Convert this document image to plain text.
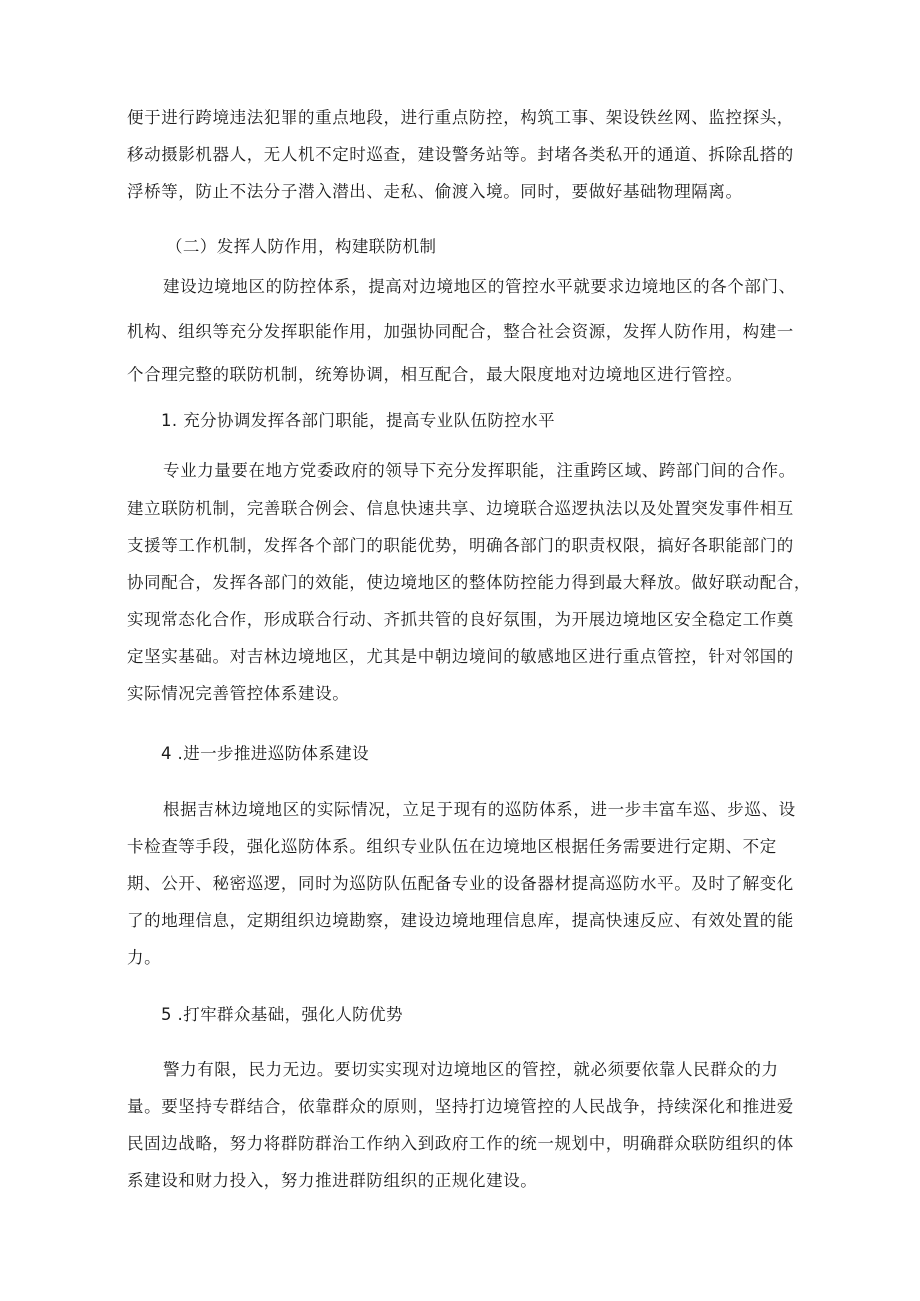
便于进行跨境违法犯罪的重点地段，进行重点防控，构筑工事、架设铁丝网、监控探头，
移动摄影机器人，无人机不定时巡查，建设警务站等。封堵各类私开的通道、拆除乱搭的
浮桥等，防止不法分子潜入潜出、走私、偷渡入境。同时，要做好基础物理隔离。
（二）发挥人防作用，构建联防机制
建设边境地区的防控体系，提高对边境地区的管控水平就要求边境地区的各个部门、
机构、组织等充分发挥职能作用，加强协同配合，整合社会资源，发挥人防作用，构建一
个合理完整的联防机制，统筹协调，相互配合，最大限度地对边境地区进行管控。
1. 充分协调发挥各部门职能，提高专业队伍防控水平
专业力量要在地方党委政府的领导下充分发挥职能，注重跨区域、跨部门间的合作。
建立联防机制，完善联合例会、信息快速共享、边境联合巡逻执法以及处置突发事件相互
支援等工作机制，发挥各个部门的职能优势，明确各部门的职责权限，搞好各职能部门的
协同配合，发挥各部门的效能，使边境地区的整体防控能力得到最大释放。做好联动配合，
实现常态化合作，形成联合行动、齐抓共管的良好氛围，为开展边境地区安全稳定工作奠
定坚实基础。对吉林边境地区，尤其是中朝边境间的敏感地区进行重点管控，针对邻国的
实际情况完善管控体系建设。
4 .进一步推进巡防体系建设
根据吉林边境地区的实际情况，立足于现有的巡防体系，进一步丰富车巡、步巡、设
卡检查等手段，强化巡防体系。组织专业队伍在边境地区根据任务需要进行定期、不定
期、公开、秘密巡逻，同时为巡防队伍配备专业的设备器材提高巡防水平。及时了解变化
了的地理信息，定期组织边境勘察，建设边境地理信息库，提高快速反应、有效处置的能
力。
5 .打牢群众基础，强化人防优势
警力有限，民力无边。要切实实现对边境地区的管控，就必须要依靠人民群众的力
量。要坚持专群结合，依靠群众的原则，坚持打边境管控的人民战争，持续深化和推进爱
民固边战略，努力将群防群治工作纳入到政府工作的统一规划中，明确群众联防组织的体
系建设和财力投入，努力推进群防组织的正规化建设。
